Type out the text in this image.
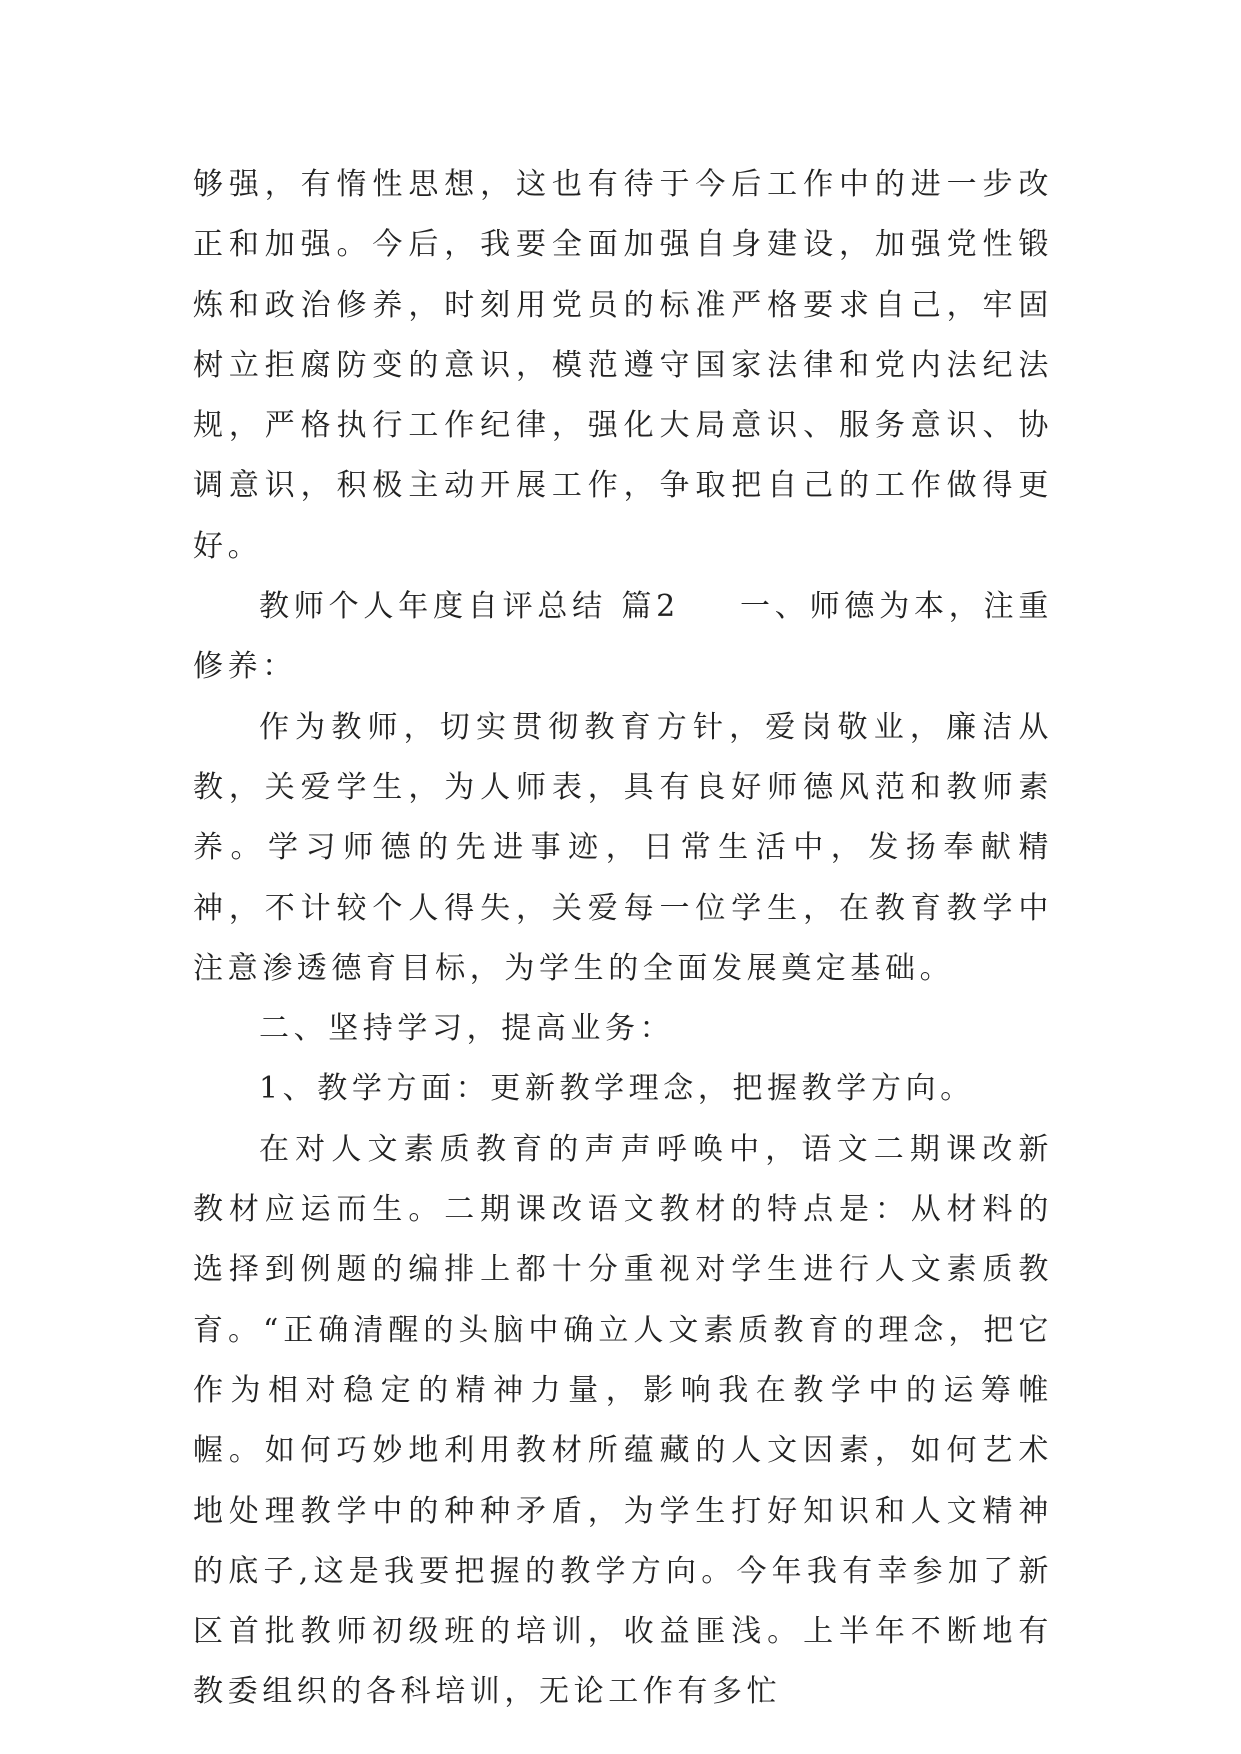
够强，有惰性思想，这也有待于今后工作中的进一步改正和加强。今后，我要全面加强自身建设，加强党性锻炼和政治修养，时刻用党员的标准严格要求自己，牢固树立拒腐防变的意识，模范遵守国家法律和党内法纪法规，严格执行工作纪律，强化大局意识、服务意识、协调意识，积极主动开展工作，争取把自己的工作做得更好。

教师个人年度自评总结 篇2 一、师德为本，注重修养：

作为教师，切实贯彻教育方针，爱岗敬业，廉洁从教，关爱学生，为人师表，具有良好师德风范和教师素养。学习师德的先进事迹，日常生活中，发扬奉献精神，不计较个人得失，关爱每一位学生，在教育教学中注意渗透德育目标，为学生的全面发展奠定基础。

二、坚持学习，提高业务：

1、教学方面：更新教学理念，把握教学方向。

在对人文素质教育的声声呼唤中，语文二期课改新教材应运而生。二期课改语文教材的特点是：从材料的选择到例题的编排上都十分重视对学生进行人文素质教育。“正确清醒的头脑中确立人文素质教育的理念，把它作为相对稳定的精神力量，影响我在教学中的运筹帷幄。如何巧妙地利用教材所蕴藏的人文因素，如何艺术地处理教学中的种种矛盾，为学生打好知识和人文精神的底子,这是我要把握的教学方向。今年我有幸参加了新区首批教师初级班的培训，收益匪浅。上半年不断地有教委组织的各科培训，无论工作有多忙
